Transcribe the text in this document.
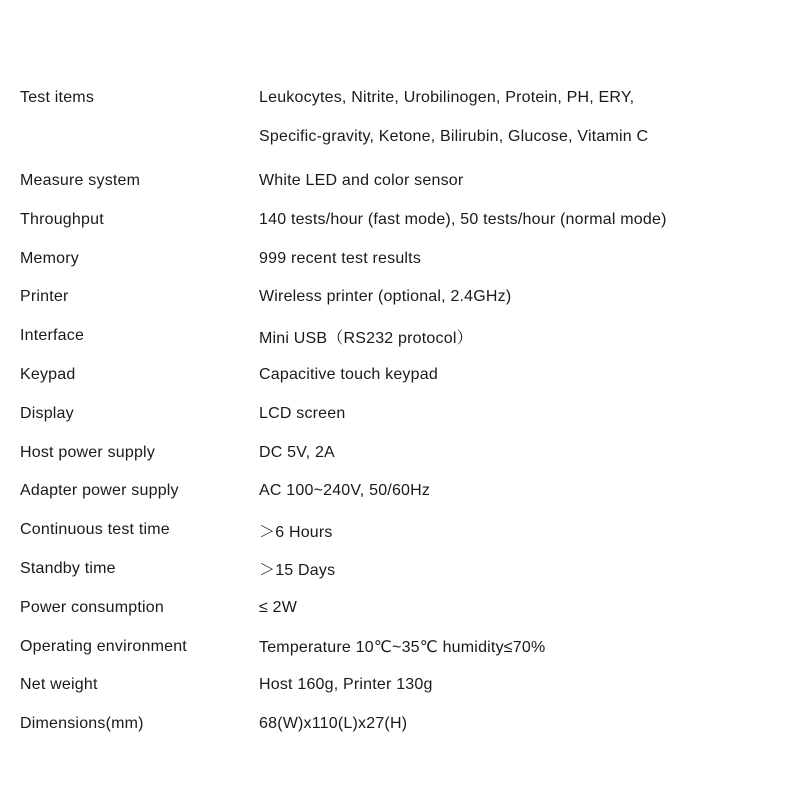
Test items	Leukocytes, Nitrite, Urobilinogen, Protein, PH, ERY,
Specific-gravity, Ketone, Bilirubin, Glucose, Vitamin C
Measure system	White LED and color sensor
Throughput	140 tests/hour (fast mode), 50 tests/hour (normal mode)
Memory	999 recent test results
Printer	Wireless printer (optional, 2.4GHz)
Interface	Mini USB（RS232 protocol）
Keypad	Capacitive touch keypad
Display	LCD screen
Host power supply	DC 5V, 2A
Adapter power supply	AC 100~240V, 50/60Hz
Continuous test time	＞6 Hours
Standby time	＞15 Days
Power consumption	≤ 2W
Operating environment	Temperature 10℃~35℃ humidity≤70%
Net weight	Host 160g, Printer 130g
Dimensions(mm)	68(W)x110(L)x27(H)
